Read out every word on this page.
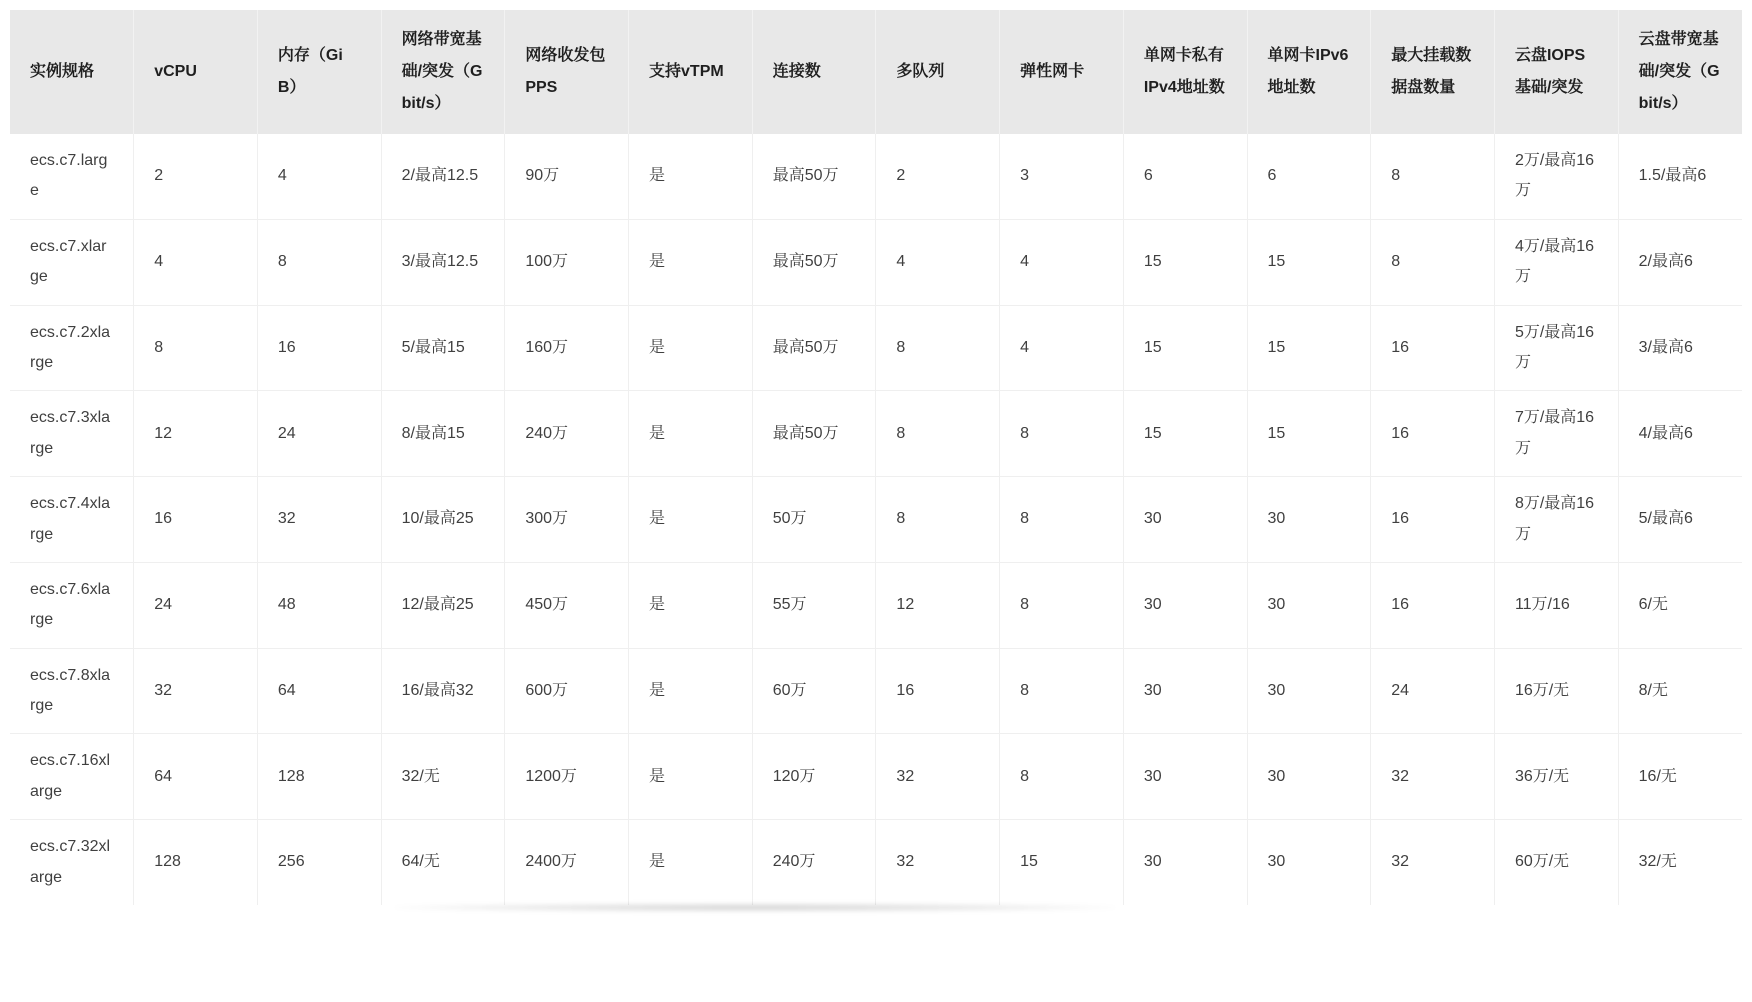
实例规格	vCPU	内存（GiB）	网络带宽基础/突发（Gbit/s）	网络收发包PPS	支持vTPM	连接数	多队列	弹性网卡	单网卡私有IPv4地址数	单网卡IPv6地址数	最大挂载数据盘数量	云盘IOPS基础/突发	云盘带宽基础/突发（Gbit/s）
ecs.c7.large	2	4	2/最高12.5	90万	是	最高50万	2	3	6	6	8	2万/最高16万	1.5/最高6
ecs.c7.xlarge	4	8	3/最高12.5	100万	是	最高50万	4	4	15	15	8	4万/最高16万	2/最高6
ecs.c7.2xlarge	8	16	5/最高15	160万	是	最高50万	8	4	15	15	16	5万/最高16万	3/最高6
ecs.c7.3xlarge	12	24	8/最高15	240万	是	最高50万	8	8	15	15	16	7万/最高16万	4/最高6
ecs.c7.4xlarge	16	32	10/最高25	300万	是	50万	8	8	30	30	16	8万/最高16万	5/最高6
ecs.c7.6xlarge	24	48	12/最高25	450万	是	55万	12	8	30	30	16	11万/16	6/无
ecs.c7.8xlarge	32	64	16/最高32	600万	是	60万	16	8	30	30	24	16万/无	8/无
ecs.c7.16xlarge	64	128	32/无	1200万	是	120万	32	8	30	30	32	36万/无	16/无
ecs.c7.32xlarge	128	256	64/无	2400万	是	240万	32	15	30	30	32	60万/无	32/无
